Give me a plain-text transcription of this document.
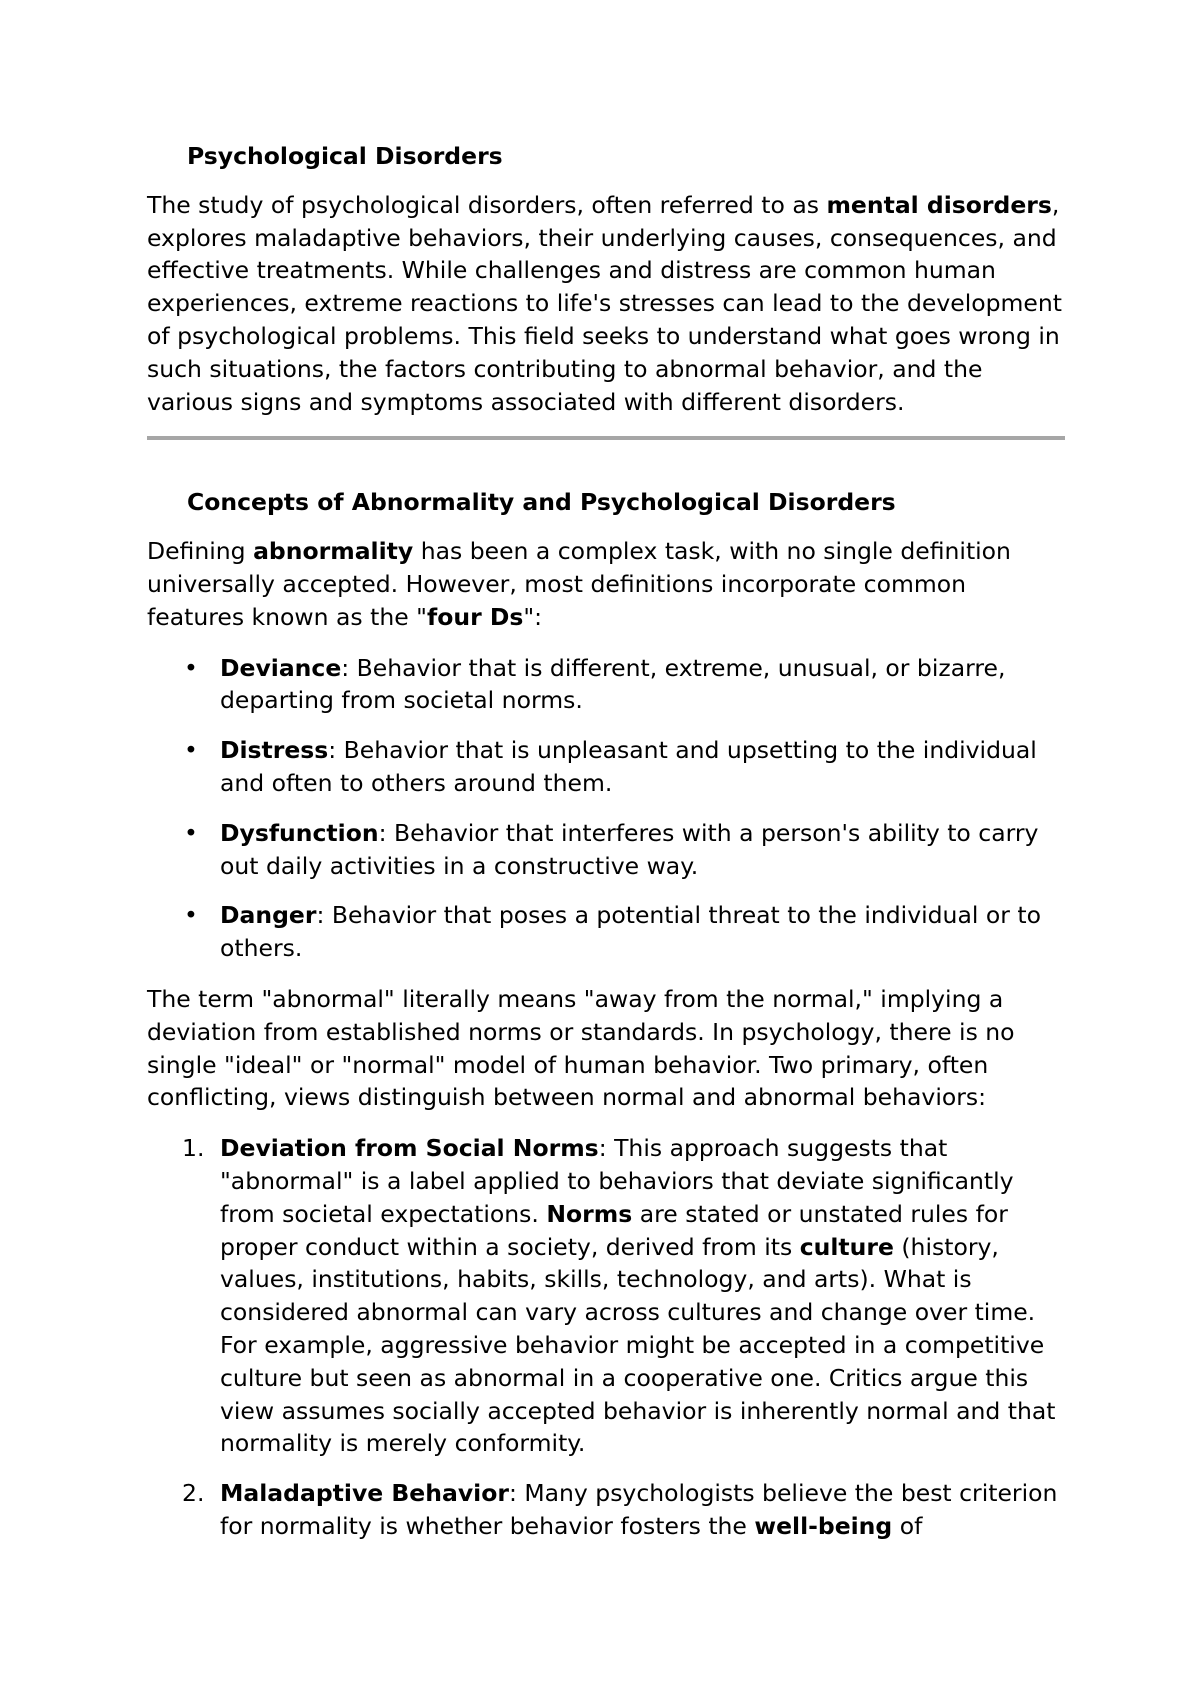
Psychological Disorders

The study of psychological disorders, often referred to as mental disorders, explores maladaptive behaviors, their underlying causes, consequences, and effective treatments. While challenges and distress are common human experiences, extreme reactions to life's stresses can lead to the development of psychological problems. This field seeks to understand what goes wrong in such situations, the factors contributing to abnormal behavior, and the various signs and symptoms associated with different disorders.

Concepts of Abnormality and Psychological Disorders

Defining abnormality has been a complex task, with no single definition universally accepted. However, most definitions incorporate common features known as the "four Ds":

• Deviance: Behavior that is different, extreme, unusual, or bizarre, departing from societal norms.
• Distress: Behavior that is unpleasant and upsetting to the individual and often to others around them.
• Dysfunction: Behavior that interferes with a person's ability to carry out daily activities in a constructive way.
• Danger: Behavior that poses a potential threat to the individual or to others.

The term "abnormal" literally means "away from the normal," implying a deviation from established norms or standards. In psychology, there is no single "ideal" or "normal" model of human behavior. Two primary, often conflicting, views distinguish between normal and abnormal behaviors:

1. Deviation from Social Norms: This approach suggests that "abnormal" is a label applied to behaviors that deviate significantly from societal expectations. Norms are stated or unstated rules for proper conduct within a society, derived from its culture (history, values, institutions, habits, skills, technology, and arts). What is considered abnormal can vary across cultures and change over time. For example, aggressive behavior might be accepted in a competitive culture but seen as abnormal in a cooperative one. Critics argue this view assumes socially accepted behavior is inherently normal and that normality is merely conformity.
2. Maladaptive Behavior: Many psychologists believe the best criterion for normality is whether behavior fosters the well-being of
